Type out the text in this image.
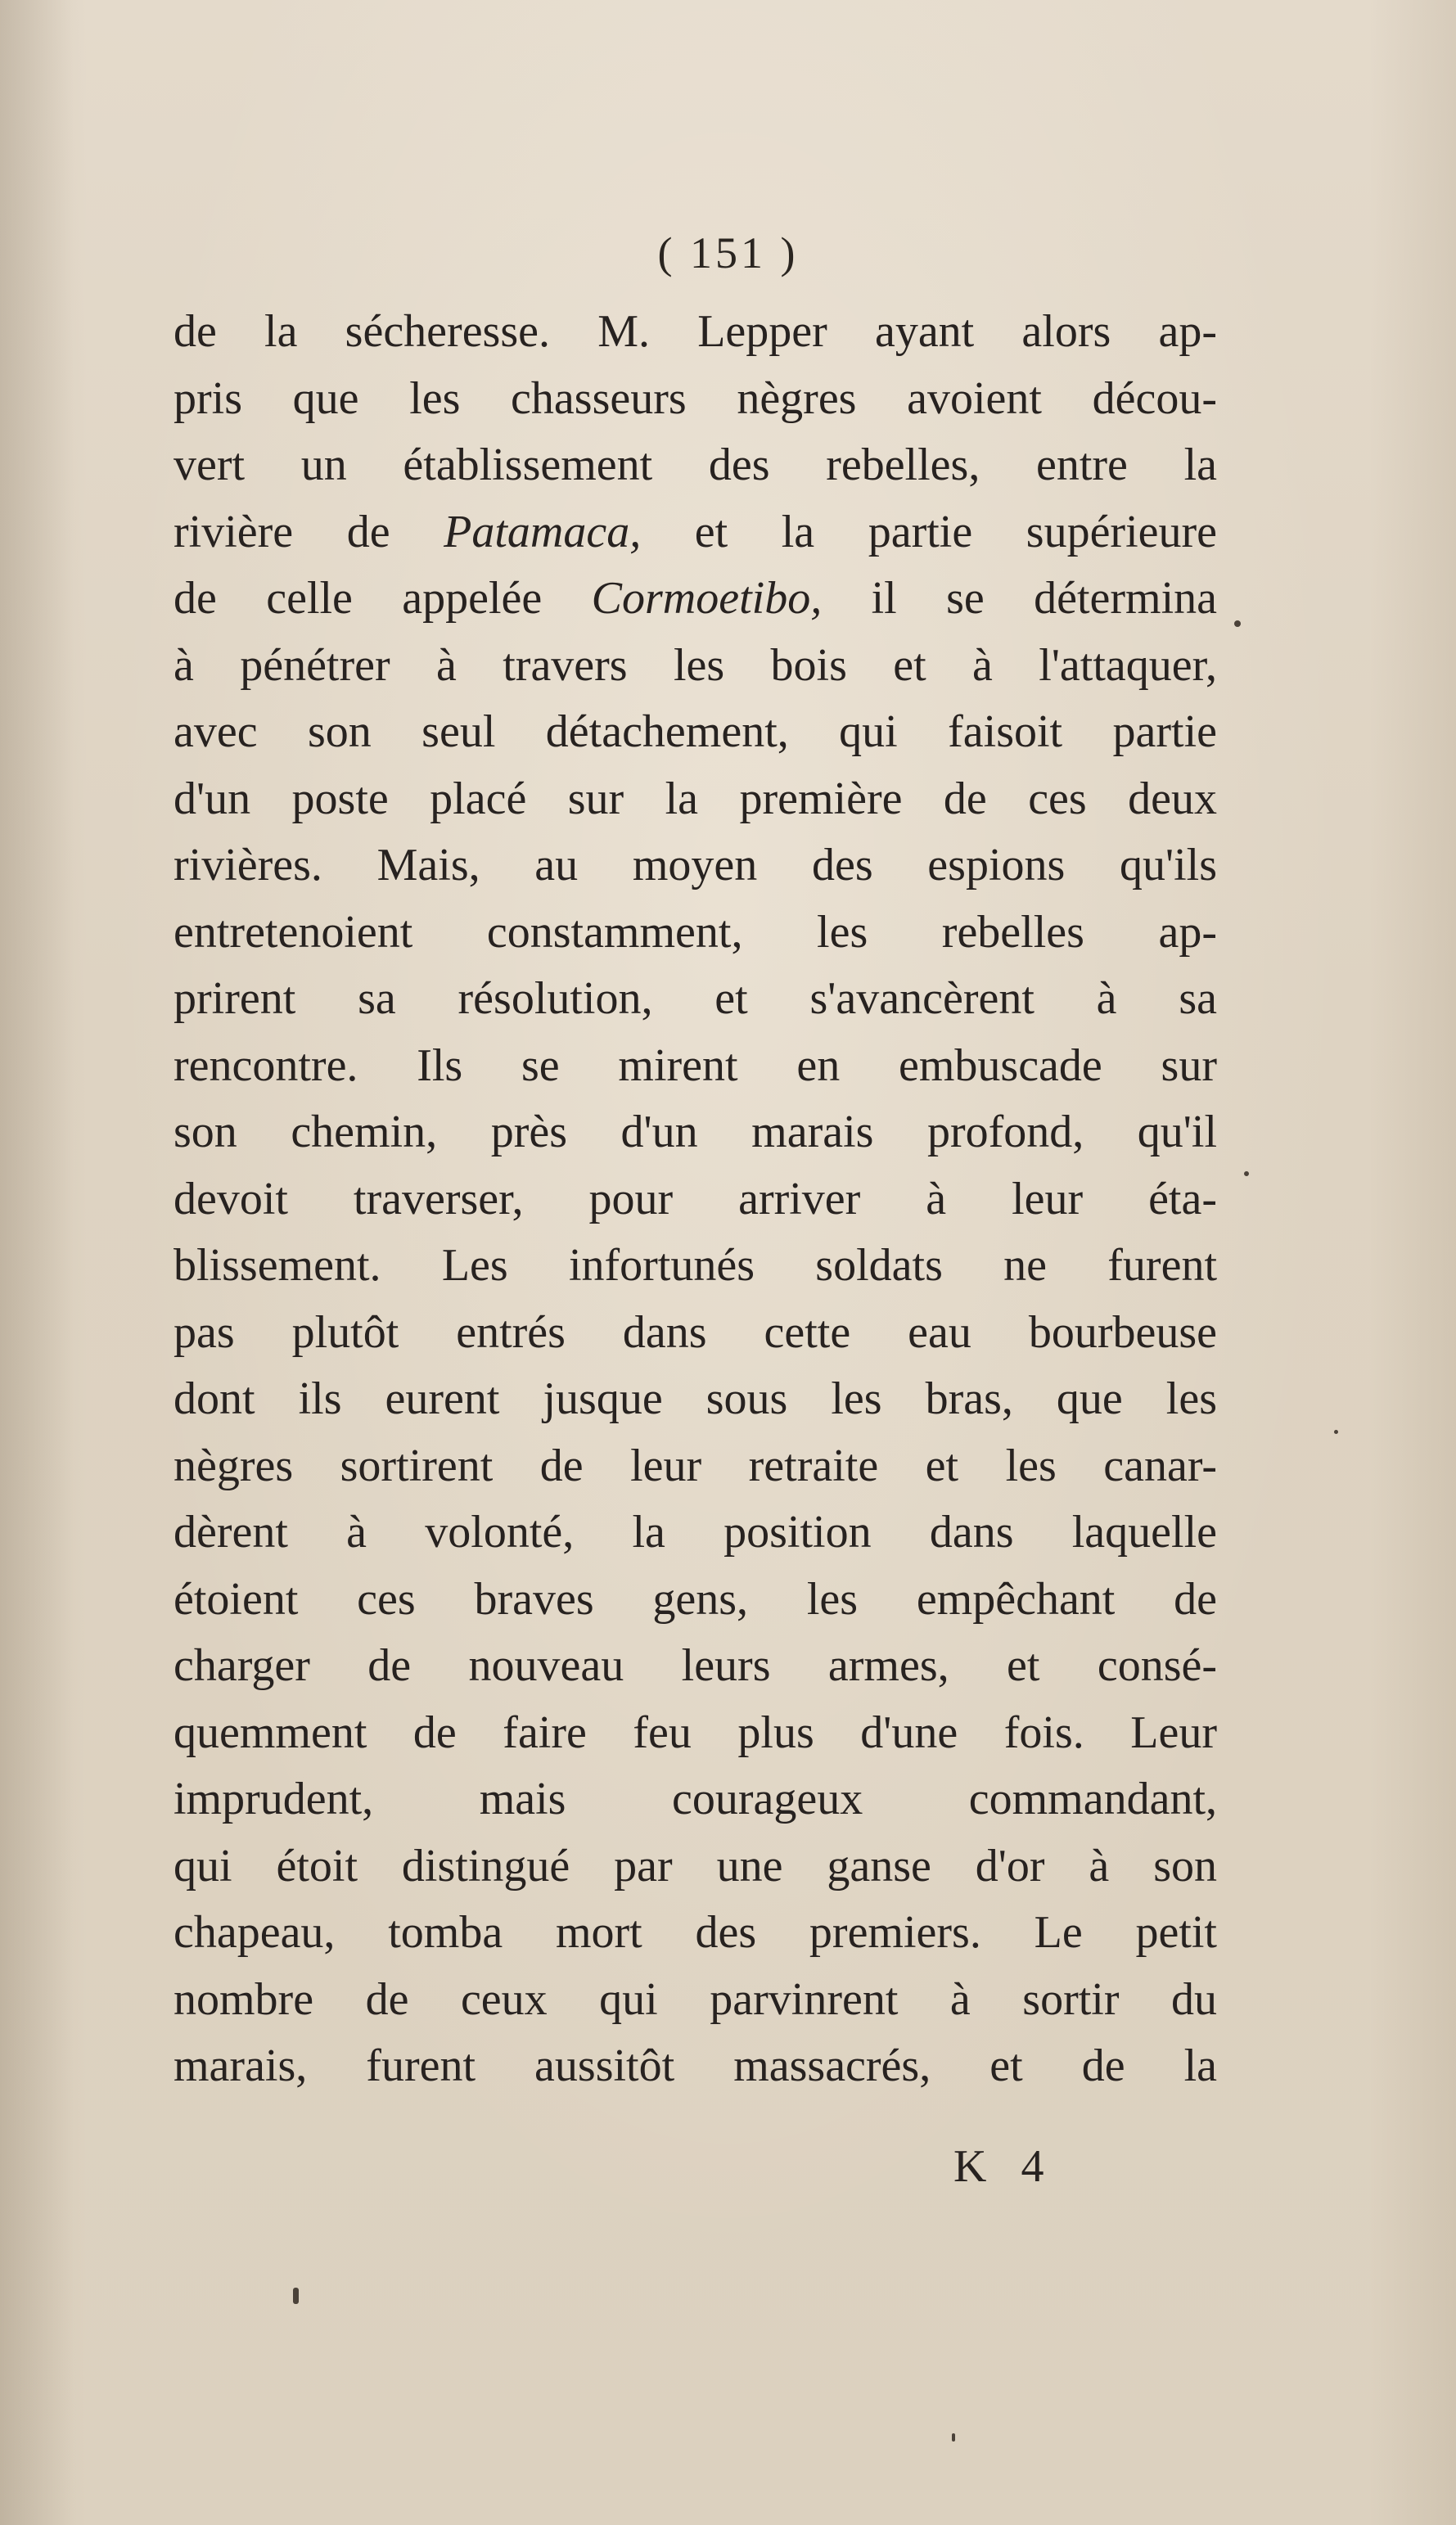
( 151 )
de la sécheresse. M. Lepper ayant alors ap-
pris que les chasseurs nègres avoient décou-
vert un établissement des rebelles, entre la
rivière de Patamaca, et la partie supérieure
de celle appelée Cormoetibo, il se détermina
à pénétrer à travers les bois et à l'attaquer,
avec son seul détachement, qui faisoit partie
d'un poste placé sur la première de ces deux
rivières. Mais, au moyen des espions qu'ils
entretenoient constamment, les rebelles ap-
prirent sa résolution, et s'avancèrent à sa
rencontre. Ils se mirent en embuscade sur
son chemin, près d'un marais profond, qu'il
devoit traverser, pour arriver à leur éta-
blissement. Les infortunés soldats ne furent
pas plutôt entrés dans cette eau bourbeuse
dont ils eurent jusque sous les bras, que les
nègres sortirent de leur retraite et les canar-
dèrent à volonté, la position dans laquelle
étoient ces braves gens, les empêchant de
charger de nouveau leurs armes, et consé-
quemment de faire feu plus d'une fois. Leur
imprudent, mais courageux commandant,
qui étoit distingué par une ganse d'or à son
chapeau, tomba mort des premiers. Le petit
nombre de ceux qui parvinrent à sortir du
marais, furent aussitôt massacrés, et de la
K 4
